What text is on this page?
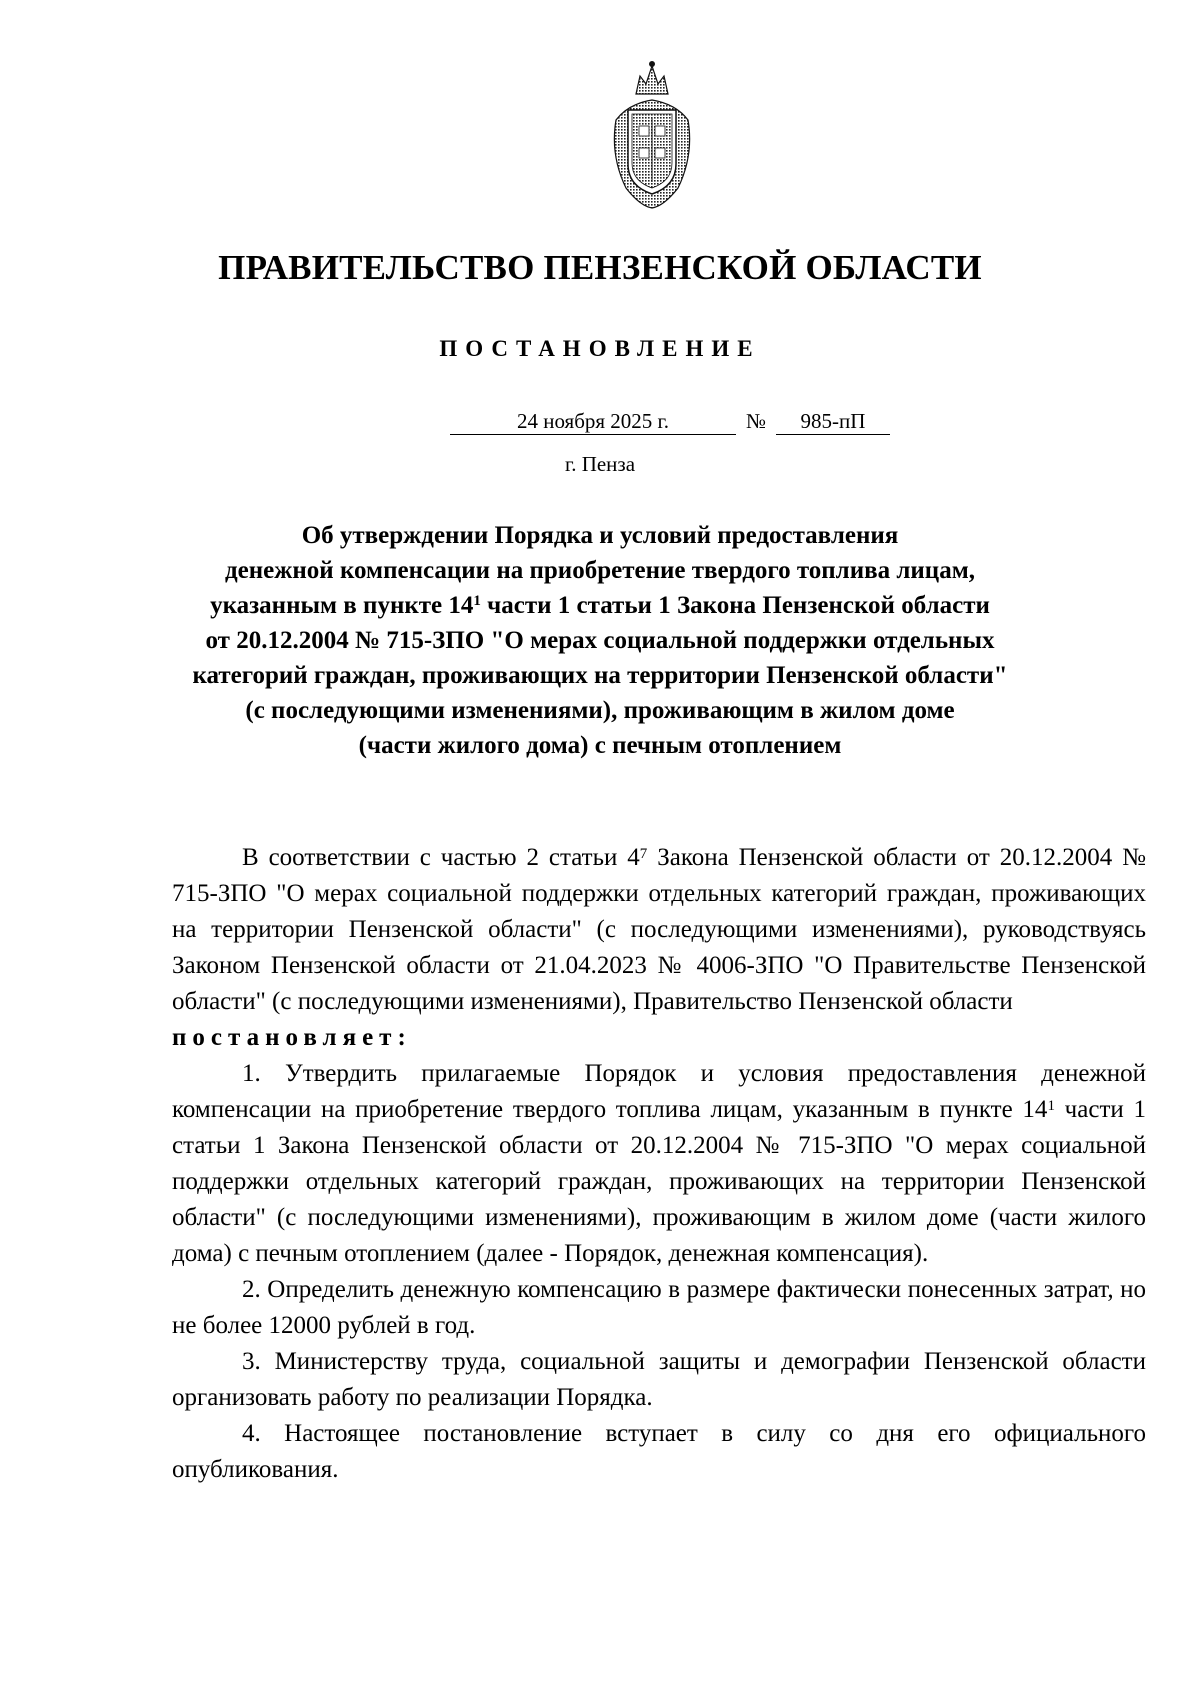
ПРАВИТЕЛЬСТВО ПЕНЗЕНСКОЙ ОБЛАСТИ
ПОСТАНОВЛЕНИЕ
24 ноября 2025 г.	№	985-пП
г. Пенза
Об утверждении Порядка и условий предоставления
денежной компенсации на приобретение твердого топлива лицам,
указанным в пункте $14^1$ части 1 статьи 1 Закона Пензенской области
от 20.12.2004 № 715-ЗПО "О мерах социальной поддержки отдельных
категорий граждан, проживающих на территории Пензенской области"
(с последующими изменениями), проживающим в жилом доме
(части жилого дома) с печным отоплением

В соответствии с частью 2 статьи $4^7$ Закона Пензенской области от 20.12.2004 № 715-ЗПО "О мерах социальной поддержки отдельных категорий граждан, проживающих на территории Пензенской области" (с последующими изменениями), руководствуясь Законом Пензенской области от 21.04.2023 № 4006-ЗПО "О Правительстве Пензенской области" (с последующими изменениями), Правительство Пензенской области

постановляет:

1. Утвердить прилагаемые Порядок и условия предоставления денежной компенсации на приобретение твердого топлива лицам, указанным в пункте $14^1$ части 1 статьи 1 Закона Пензенской области от 20.12.2004 № 715-ЗПО "О мерах социальной поддержки отдельных категорий граждан, проживающих на территории Пензенской области" (с последующими изменениями), проживающим в жилом доме (части жилого дома) с печным отоплением (далее - Порядок, денежная компенсация).

2. Определить денежную компенсацию в размере фактически понесенных затрат, но не более 12000 рублей в год.

3. Министерству труда, социальной защиты и демографии Пензенской области организовать работу по реализации Порядка.

4. Настоящее постановление вступает в силу со дня его официального опубликования.
